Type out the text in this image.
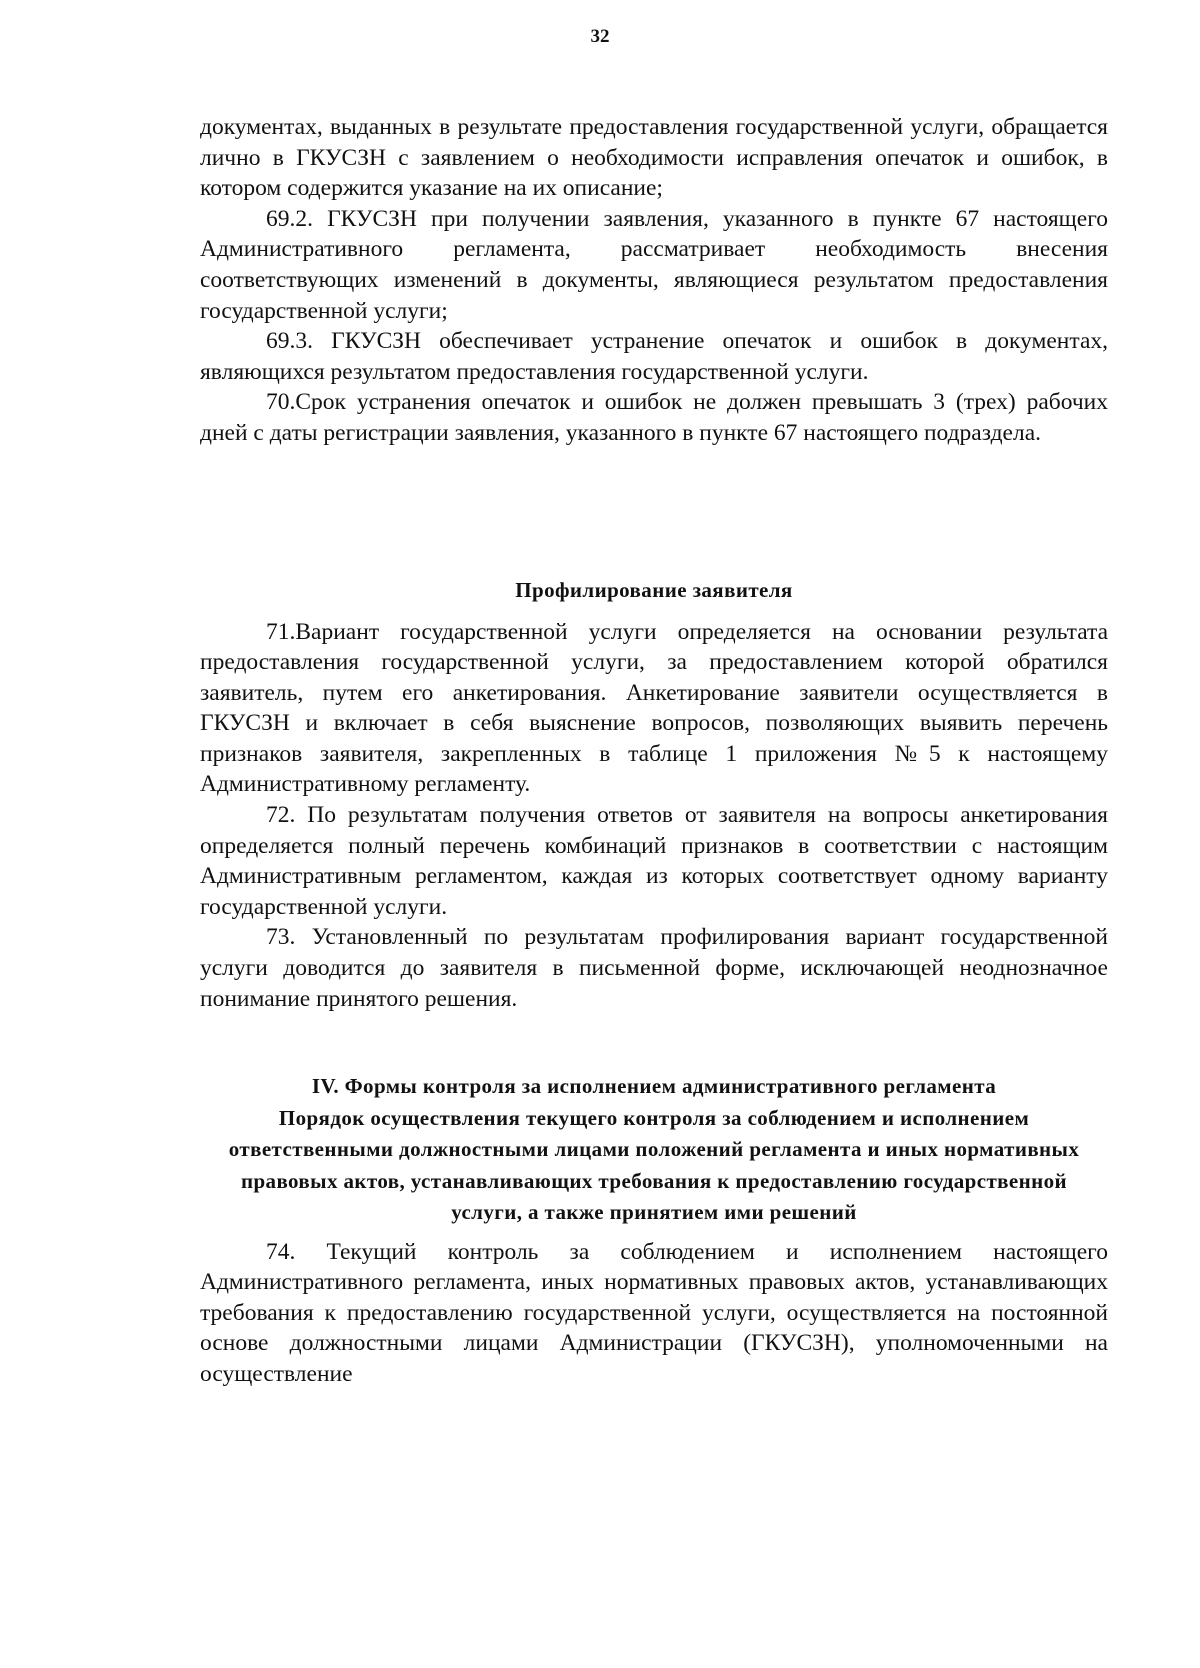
32

документах, выданных в результате предоставления государственной услуги, обращается лично в ГКУСЗН с заявлением о необходимости исправления опечаток и ошибок, в котором содержится указание на их описание;

69.2. ГКУСЗН при получении заявления, указанного в пункте 67 настоящего Административного регламента, рассматривает необходимость внесения соответствующих изменений в документы, являющиеся результатом предоставления государственной услуги;

69.3. ГКУСЗН обеспечивает устранение опечаток и ошибок в документах, являющихся результатом предоставления государственной услуги.

70.Срок устранения опечаток и ошибок не должен превышать 3 (трех) рабочих дней с даты регистрации заявления, указанного в пункте 67 настоящего подраздела.

Профилирование заявителя

71.Вариант государственной услуги определяется на основании результата предоставления государственной услуги, за предоставлением которой обратился заявитель, путем его анкетирования. Анкетирование заявители осуществляется в ГКУСЗН и включает в себя выяснение вопросов, позволяющих выявить перечень признаков заявителя, закрепленных в таблице 1 приложения №5 к настоящему Административному регламенту.

72. По результатам получения ответов от заявителя на вопросы анкетирования определяется полный перечень комбинаций признаков в соответствии с настоящим Административным регламентом, каждая из которых соответствует одному варианту государственной услуги.

73. Установленный по результатам профилирования вариант государственной услуги доводится до заявителя в письменной форме, исключающей неоднозначное понимание принятого решения.

IV. Формы контроля за исполнением административного регламента

Порядок осуществления текущего контроля за соблюдением и исполнением ответственными должностными лицами положений регламента и иных нормативных правовых актов, устанавливающих требования к предоставлению государственной услуги, а также принятием ими решений

74. Текущий контроль за соблюдением и исполнением настоящего Административного регламента, иных нормативных правовых актов, устанавливающих требования к предоставлению государственной услуги, осуществляется на постоянной основе должностными лицами Администрации (ГКУСЗН), уполномоченными на осуществление
